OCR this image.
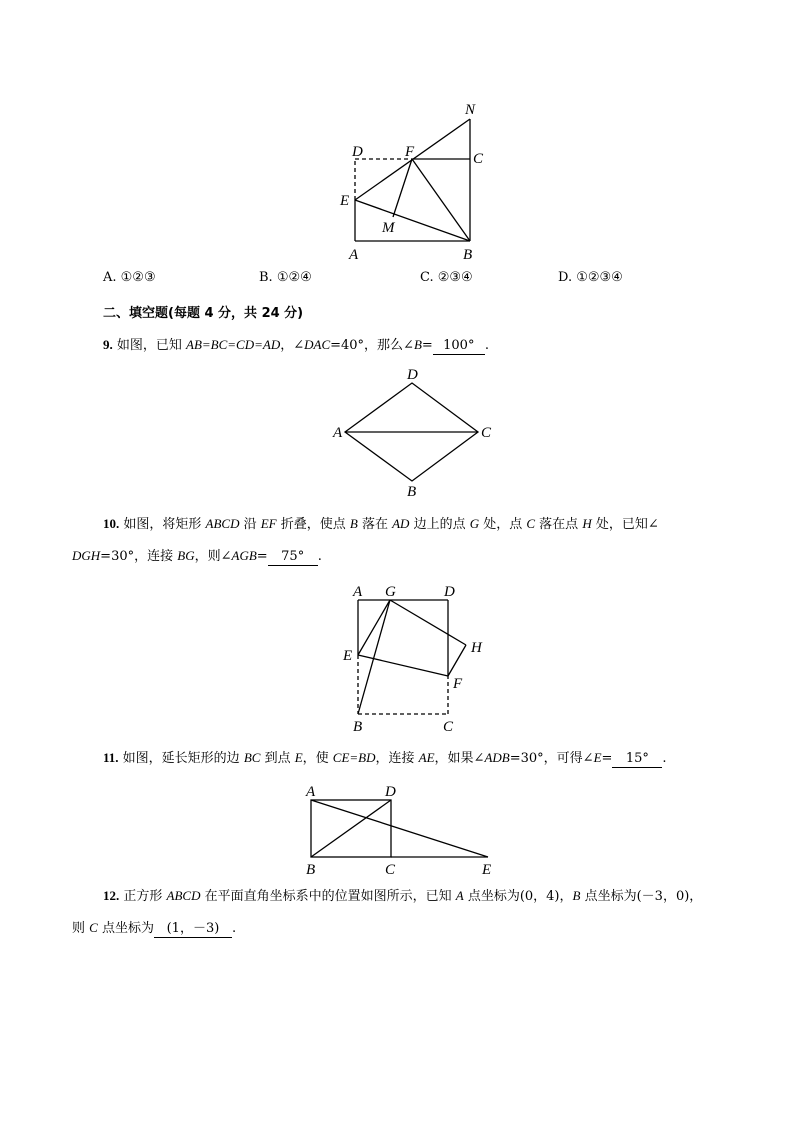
N
D	F	C
E
M
A	B
A. ①②③	B. ①②④	C. ②③④	D. ①②③④
二、填空题(每题 4 分，共 24 分)
9. 如图，已知 AB=BC=CD=AD，∠DAC=40°，那么∠B= 100° .
D
A	C
B
10. 如图，将矩形 ABCD 沿 EF 折叠，使点 B 落在 AD 边上的点 G 处，点 C 落在点 H 处，已知∠
DGH=30°，连接 BG，则∠AGB= 75° .
A G	D
H
E
F
B	C
11. 如图，延长矩形的边 BC 到点 E，使 CE=BD，连接 AE，如果∠ADB=30°，可得∠E= 15° .
A	D
B	C	E
12. 正方形 ABCD 在平面直角坐标系中的位置如图所示，已知 A 点坐标为(0，4)，B 点坐标为(－3，0)，
则 C 点坐标为 (1，－3) .
